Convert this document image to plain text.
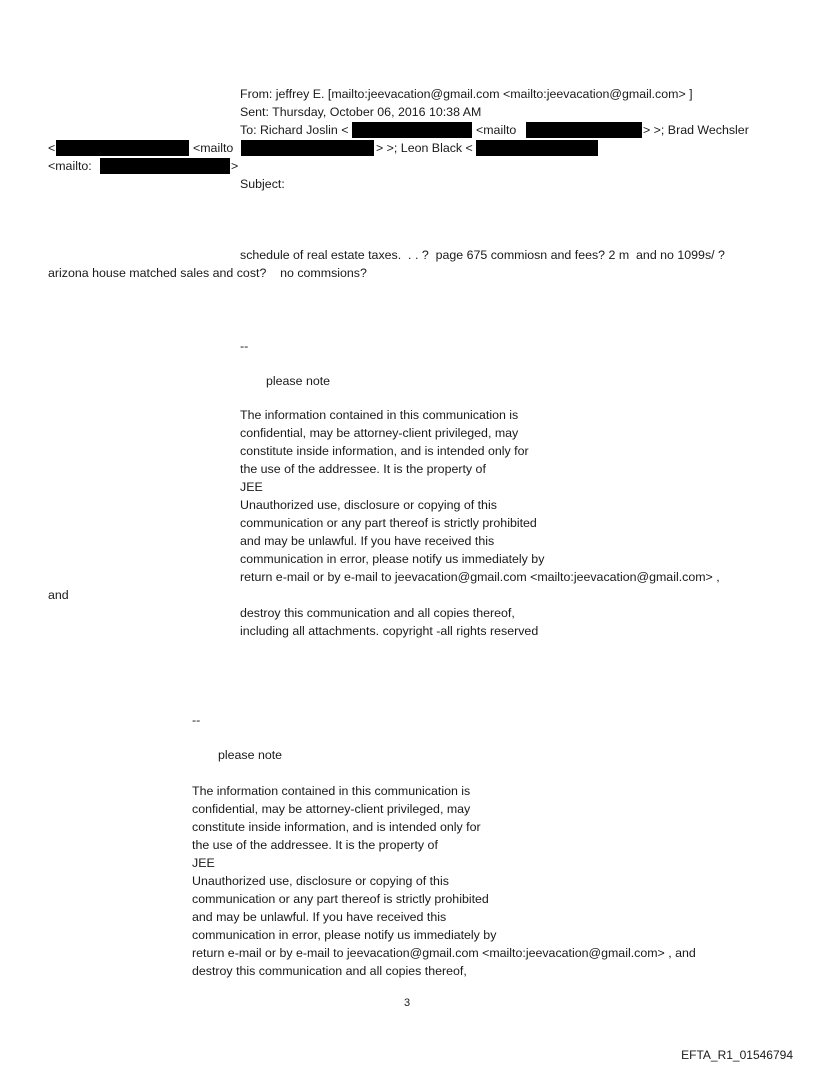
From: jeffrey E. [mailto:jeevacation@gmail.com <mailto:jeevacation@gmail.com> ]
Sent: Thursday, October 06, 2016 10:38 AM
To: Richard Joslin <	<mailto	> >; Brad Wechsler
<	<mailto	> >; Leon Black <
<mailto:	>
Subject:
schedule of real estate taxes.  . . ?  page 675 commiosn and fees? 2 m  and no 1099s/ ?
arizona house matched sales and cost?    no commsions?
--
please note
The information contained in this communication is
confidential, may be attorney-client privileged, may
constitute inside information, and is intended only for
the use of the addressee. It is the property of
JEE
Unauthorized use, disclosure or copying of this
communication or any part thereof is strictly prohibited
and may be unlawful. If you have received this
communication in error, please notify us immediately by
return e-mail or by e-mail to jeevacation@gmail.com <mailto:jeevacation@gmail.com> ,
and
destroy this communication and all copies thereof,
including all attachments. copyright -all rights reserved
--
please note
The information contained in this communication is
confidential, may be attorney-client privileged, may
constitute inside information, and is intended only for
the use of the addressee. It is the property of
JEE
Unauthorized use, disclosure or copying of this
communication or any part thereof is strictly prohibited
and may be unlawful. If you have received this
communication in error, please notify us immediately by
return e-mail or by e-mail to jeevacation@gmail.com <mailto:jeevacation@gmail.com> , and
destroy this communication and all copies thereof,
3
EFTA_R1_01546794
